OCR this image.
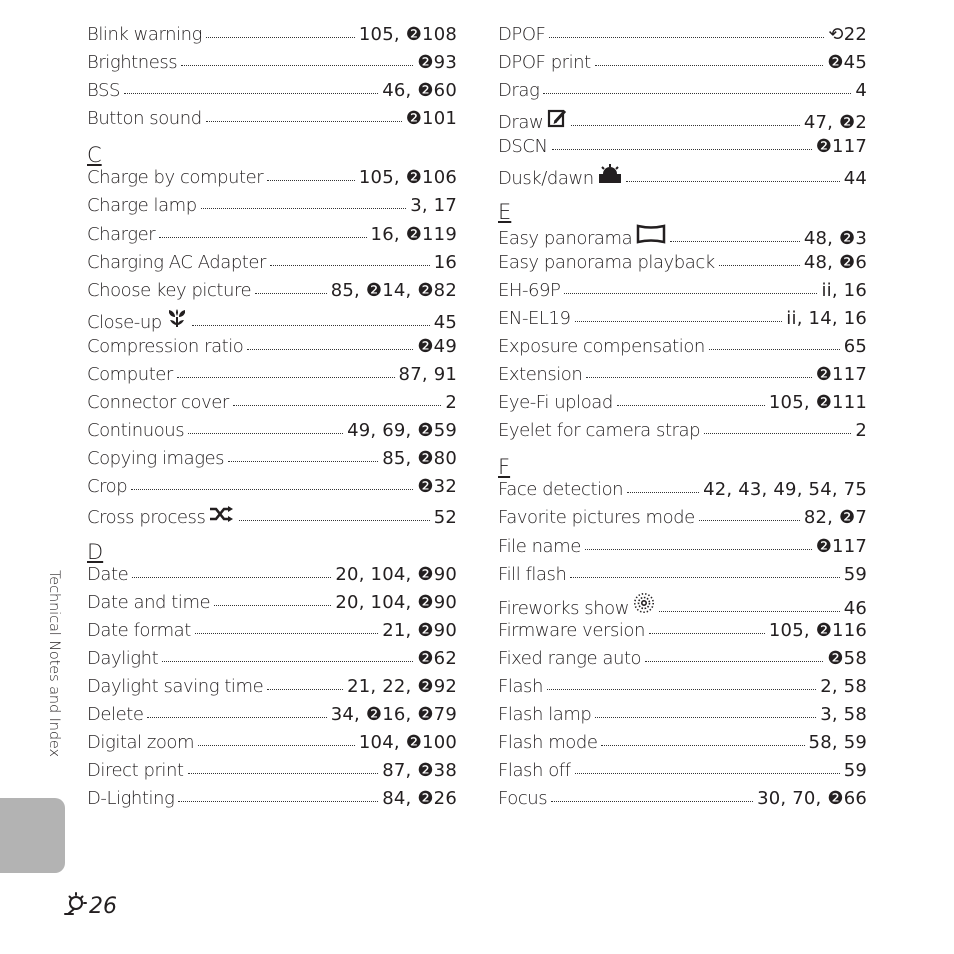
Blink warning	105, ❷108
Brightness	❷93
BSS	46, ❷60
Button sound	❷101
C
Charge by computer	105, ❷106
Charge lamp	3, 17
Charger	16, ❷119
Charging AC Adapter	16
Choose key picture	85, ❷14, ❷82
Close-up	45
Compression ratio	❷49
Computer	87, 91
Connector cover	2
Continuous	49, 69, ❷59
Copying images	85, ❷80
Crop	❷32
Cross process	52
D
Date	20, 104, ❷90
Date and time	20, 104, ❷90
Date format	21, ❷90
Daylight	❷62
Daylight saving time	21, 22, ❷92
Delete	34, ❷16, ❷79
Digital zoom	104, ❷100
Direct print	87, ❷38
D-Lighting	84, ❷26
DPOF	⟲22
DPOF print	❷45
Drag	4
Draw	47, ❷2
DSCN	❷117
Dusk/dawn	44
E
Easy panorama	48, ❷3
Easy panorama playback	48, ❷6
EH-69P	ii, 16
EN-EL19	ii, 14, 16
Exposure compensation	65
Extension	❷117
Eye-Fi upload	105, ❷111
Eyelet for camera strap	2
F
Face detection	42, 43, 49, 54, 75
Favorite pictures mode	82, ❷7
File name	❷117
Fill flash	59
Fireworks show	46
Firmware version	105, ❷116
Fixed range auto	❷58
Flash	2, 58
Flash lamp	3, 58
Flash mode	58, 59
Flash off	59
Focus	30, 70, ❷66
Technical Notes and Index
26
